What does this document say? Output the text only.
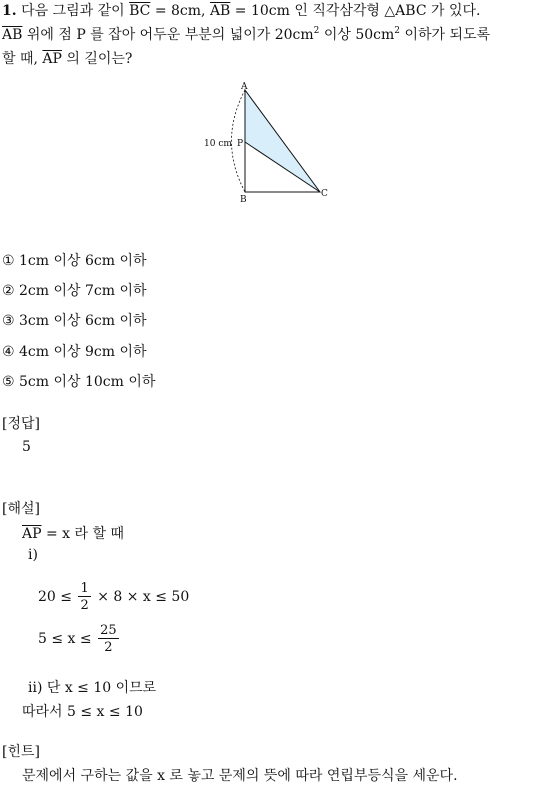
1. 다음 그림과 같이 $\overline{BC} = 8cm$, $\overline{AB} = 10cm$ 인 직각삼각형 △ABC 가 있다.
$\overline{AB}$ 위에 점 P 를 잡아 어두운 부분의 넓이가 $20cm^2$ 이상 $50cm^2$ 이하가 되도록
할 때, $\overline{AP}$ 의 길이는?
A
B
C
P
10 cm
① 1cm 이상 6cm 이하
② 2cm 이상 7cm 이하
③ 3cm 이상 6cm 이하
④ 4cm 이상 9cm 이하
⑤ 5cm 이상 10cm 이하
[정답]
5
[해설]
$\overline{AP} = x$ 라 할 때
ⅰ)
$20 \le \frac{1}{2} \times 8 \times x \le 50$
$5 \le x \le \frac{25}{2}$
ⅱ) 단 x ≤ 10 이므로
따라서 5 ≤ x ≤ 10
[힌트]
문제에서 구하는 값을 x 로 놓고 문제의 뜻에 따라 연립부등식을 세운다.
